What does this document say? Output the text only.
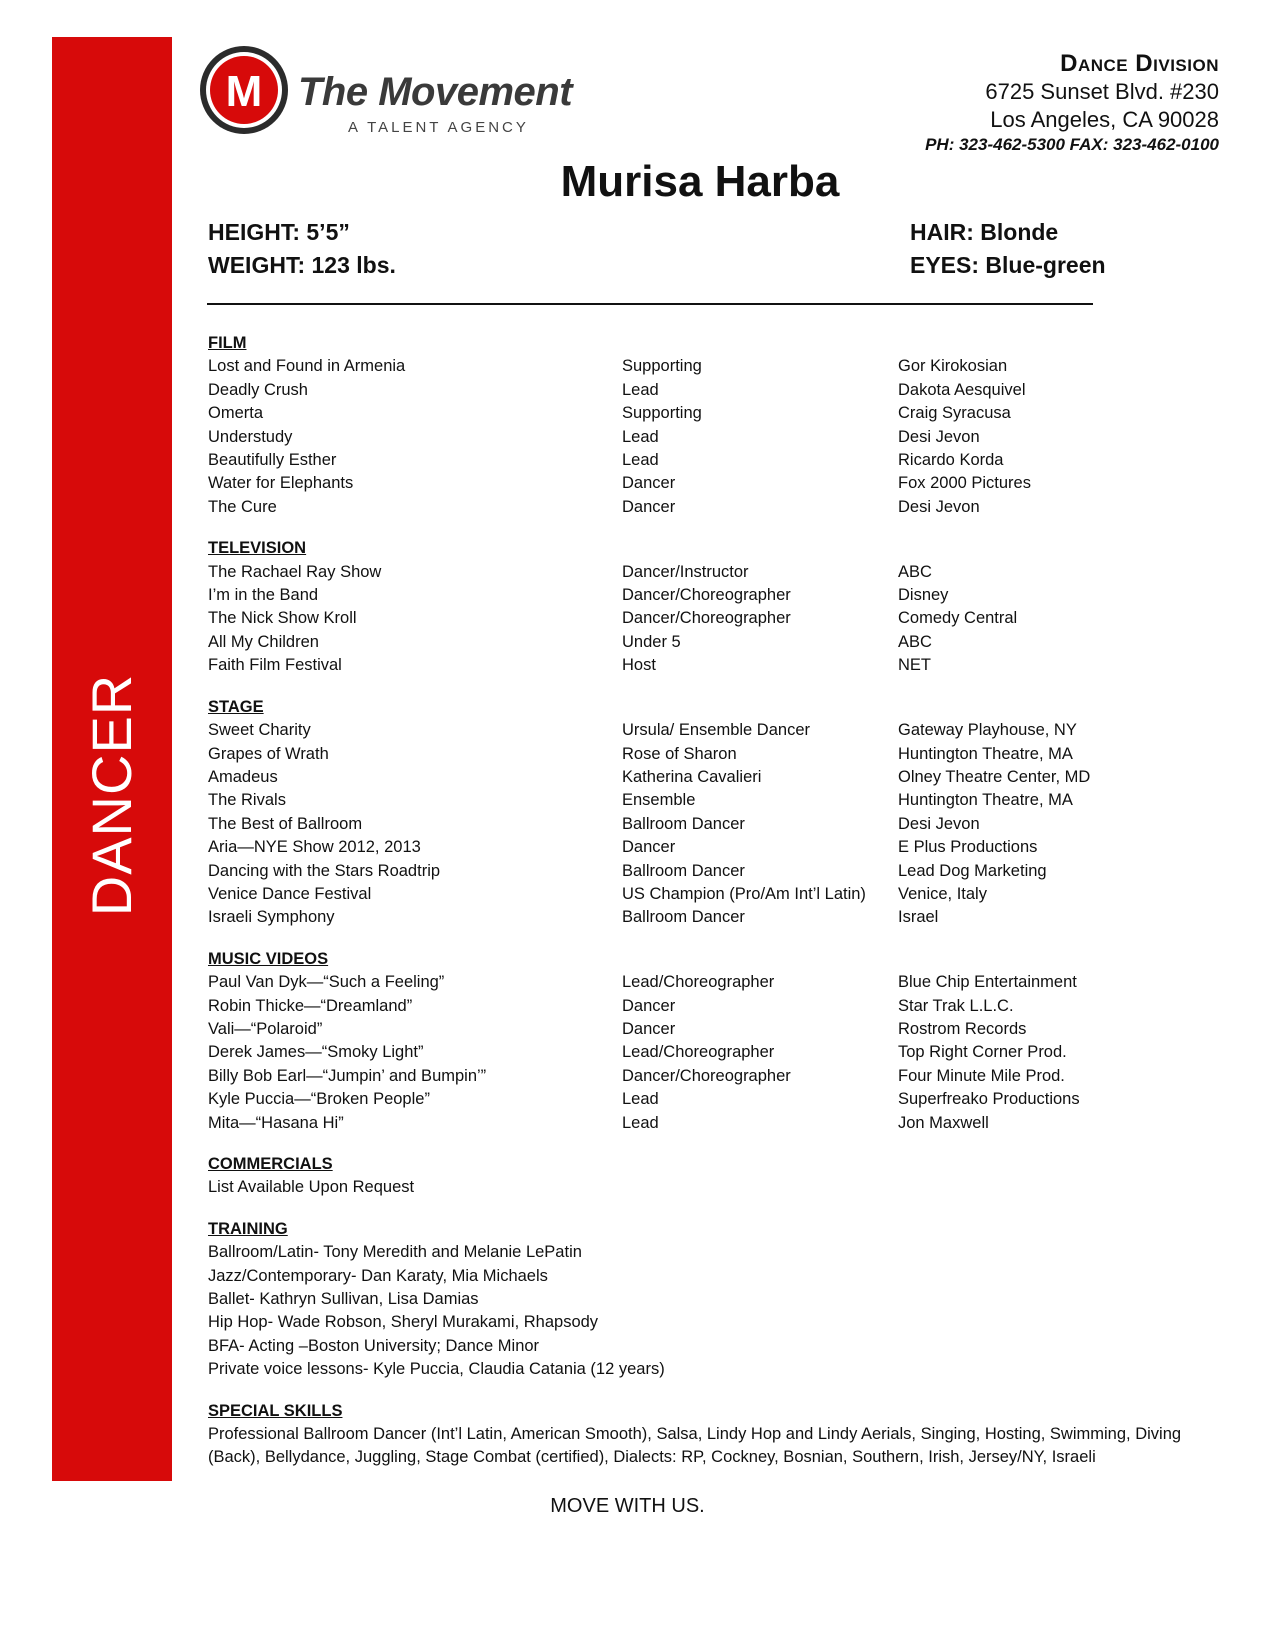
DANCER
M The Movement
A TALENT AGENCY
Dance Division
6725 Sunset Blvd. #230
Los Angeles, CA 90028
PH: 323-462-5300 FAX: 323-462-0100
Murisa Harba
HEIGHT: 5’5”
WEIGHT: 123 lbs.
HAIR: Blonde
EYES: Blue-green
FILM
Lost and Found in Armenia	Supporting	Gor Kirokosian
Deadly Crush	Lead	Dakota Aesquivel
Omerta	Supporting	Craig Syracusa
Understudy	Lead	Desi Jevon
Beautifully Esther	Lead	Ricardo Korda
Water for Elephants	Dancer	Fox 2000 Pictures
The Cure	Dancer	Desi Jevon
TELEVISION
The Rachael Ray Show	Dancer/Instructor	ABC
I’m in the Band	Dancer/Choreographer	Disney
The Nick Show Kroll	Dancer/Choreographer	Comedy Central
All My Children	Under 5	ABC
Faith Film Festival	Host	NET
STAGE
Sweet Charity	Ursula/ Ensemble Dancer	Gateway Playhouse, NY
Grapes of Wrath	Rose of Sharon	Huntington Theatre, MA
Amadeus	Katherina Cavalieri	Olney Theatre Center, MD
The Rivals	Ensemble	Huntington Theatre, MA
The Best of Ballroom	Ballroom Dancer	Desi Jevon
Aria—NYE Show 2012, 2013	Dancer	E Plus Productions
Dancing with the Stars Roadtrip	Ballroom Dancer	Lead Dog Marketing
Venice Dance Festival	US Champion (Pro/Am Int’l Latin)	Venice, Italy
Israeli Symphony	Ballroom Dancer	Israel
MUSIC VIDEOS
Paul Van Dyk—“Such a Feeling”	Lead/Choreographer	Blue Chip Entertainment
Robin Thicke—“Dreamland”	Dancer	Star Trak L.L.C.
Vali—“Polaroid”	Dancer	Rostrom Records
Derek James—“Smoky Light”	Lead/Choreographer	Top Right Corner Prod.
Billy Bob Earl—“Jumpin’ and Bumpin’”	Dancer/Choreographer	Four Minute Mile Prod.
Kyle Puccia—“Broken People”	Lead	Superfreako Productions
Mita—“Hasana Hi”	Lead	Jon Maxwell
COMMERCIALS
List Available Upon Request
TRAINING
Ballroom/Latin- Tony Meredith and Melanie LePatin
Jazz/Contemporary- Dan Karaty, Mia Michaels
Ballet- Kathryn Sullivan, Lisa Damias
Hip Hop- Wade Robson, Sheryl Murakami, Rhapsody
BFA- Acting –Boston University; Dance Minor
Private voice lessons- Kyle Puccia, Claudia Catania (12 years)
SPECIAL SKILLS
Professional Ballroom Dancer (Int’l Latin, American Smooth), Salsa, Lindy Hop and Lindy Aerials, Singing, Hosting, Swimming, Diving (Back), Bellydance, Juggling, Stage Combat (certified), Dialects: RP, Cockney, Bosnian, Southern, Irish, Jersey/NY, Israeli
MOVE WITH US.
